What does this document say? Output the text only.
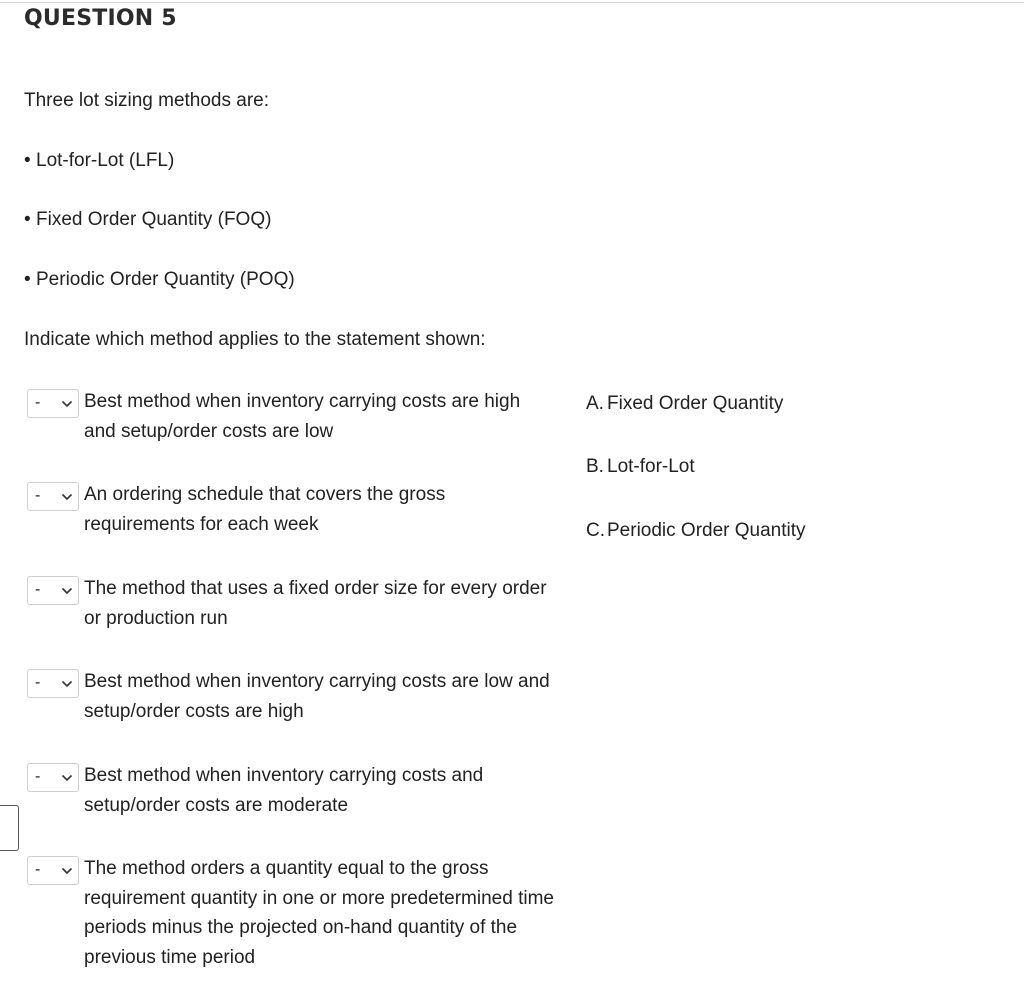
QUESTION 5
Three lot sizing methods are:
• Lot-for-Lot (LFL)
• Fixed Order Quantity (FOQ)
• Periodic Order Quantity (POQ)
Indicate which method applies to the statement shown:
- Best method when inventory carrying costs are high and setup/order costs are low
- An ordering schedule that covers the gross requirements for each week
- The method that uses a fixed order size for every order or production run
- Best method when inventory carrying costs are low and setup/order costs are high
- Best method when inventory carrying costs and setup/order costs are moderate
- The method orders a quantity equal to the gross requirement quantity in one or more predetermined time periods minus the projected on-hand quantity of the previous time period
A. Fixed Order Quantity
B. Lot-for-Lot
C. Periodic Order Quantity
